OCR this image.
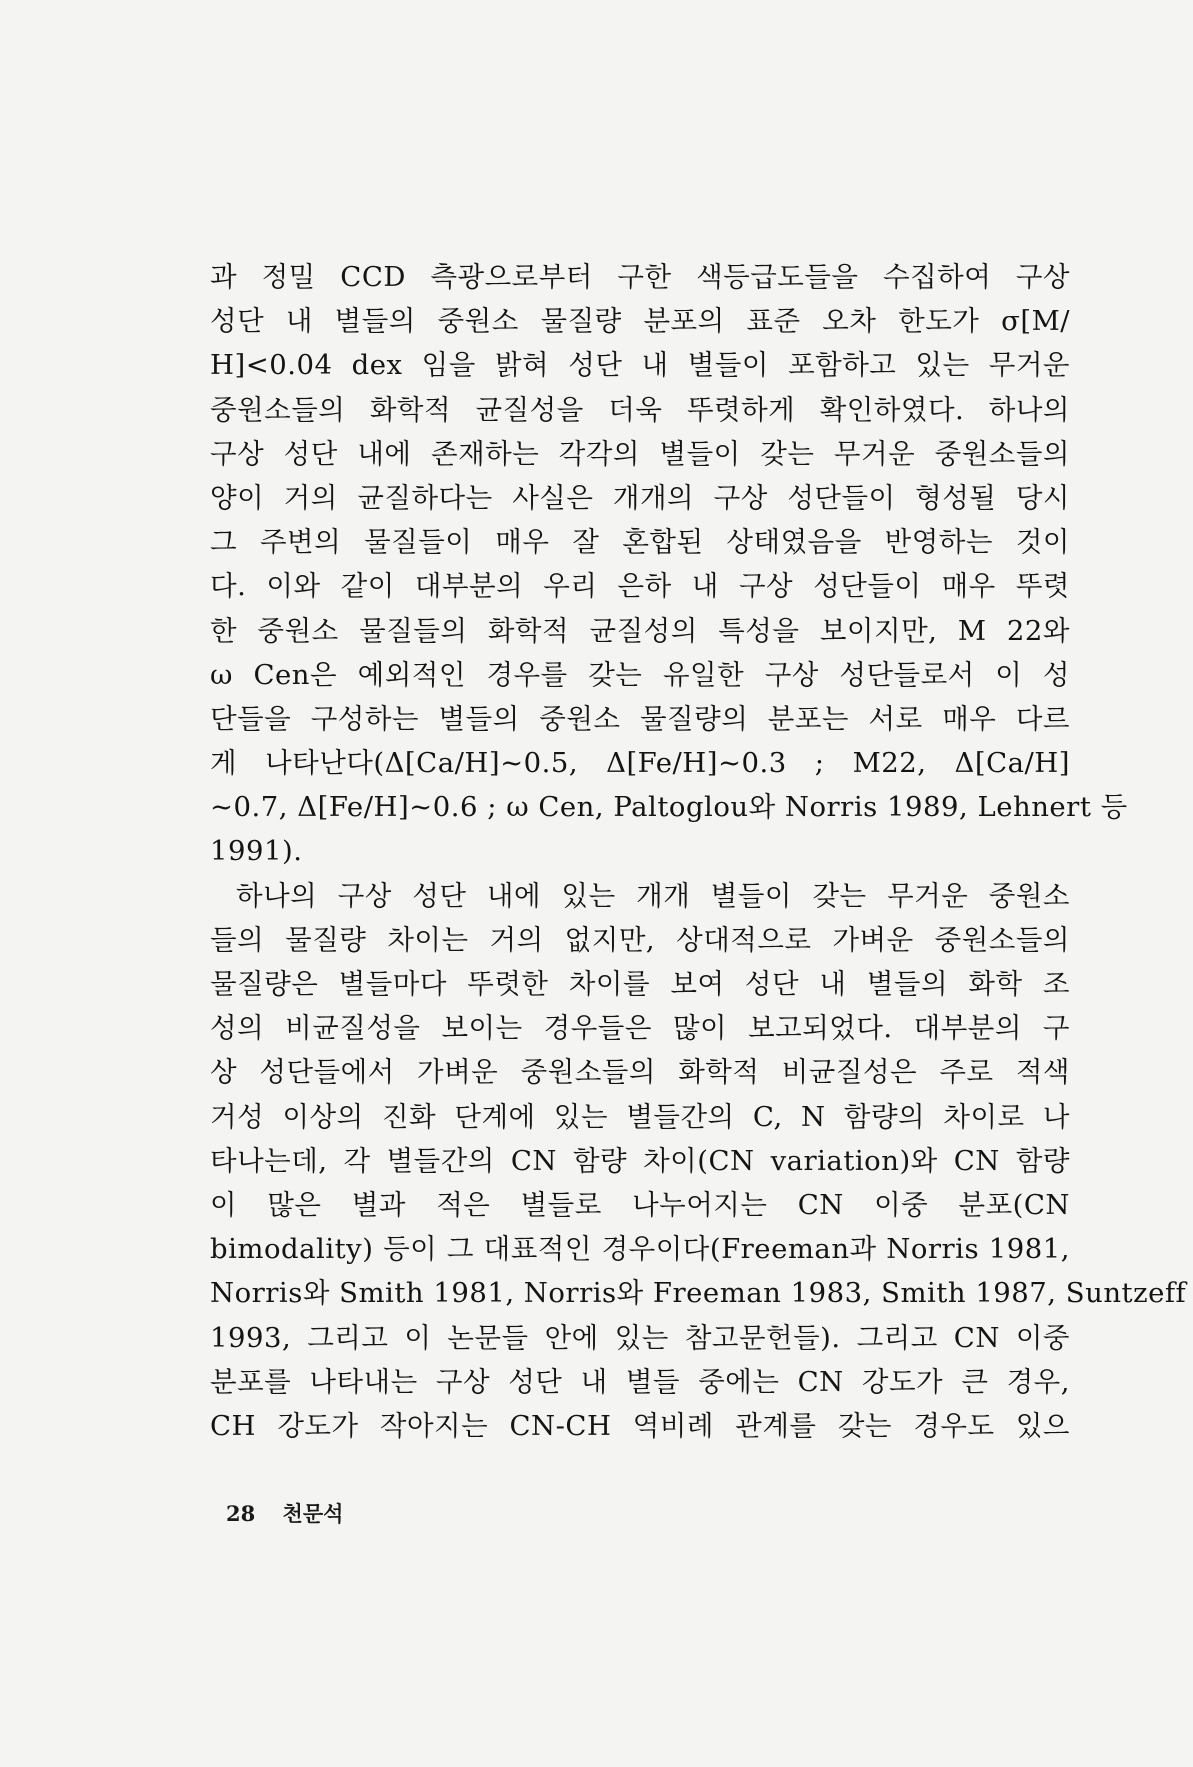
과 정밀 CCD 측광으로부터 구한 색등급도들을 수집하여 구상
성단 내 별들의 중원소 물질량 분포의 표준 오차 한도가 σ[M/
H]<0.04 dex 임을 밝혀 성단 내 별들이 포함하고 있는 무거운
중원소들의 화학적 균질성을 더욱 뚜렷하게 확인하였다. 하나의
구상 성단 내에 존재하는 각각의 별들이 갖는 무거운 중원소들의
양이 거의 균질하다는 사실은 개개의 구상 성단들이 형성될 당시
그 주변의 물질들이 매우 잘 혼합된 상태였음을 반영하는 것이
다. 이와 같이 대부분의 우리 은하 내 구상 성단들이 매우 뚜렷
한 중원소 물질들의 화학적 균질성의 특성을 보이지만, M 22와
ω Cen은 예외적인 경우를 갖는 유일한 구상 성단들로서 이 성
단들을 구성하는 별들의 중원소 물질량의 분포는 서로 매우 다르
게 나타난다(Δ[Ca/H]~0.5, Δ[Fe/H]~0.3 ; M22, Δ[Ca/H]
~0.7, Δ[Fe/H]~0.6 ; ω Cen, Paltoglou와 Norris 1989, Lehnert 등
1991).
하나의 구상 성단 내에 있는 개개 별들이 갖는 무거운 중원소
들의 물질량 차이는 거의 없지만, 상대적으로 가벼운 중원소들의
물질량은 별들마다 뚜렷한 차이를 보여 성단 내 별들의 화학 조
성의 비균질성을 보이는 경우들은 많이 보고되었다. 대부분의 구
상 성단들에서 가벼운 중원소들의 화학적 비균질성은 주로 적색
거성 이상의 진화 단계에 있는 별들간의 C, N 함량의 차이로 나
타나는데, 각 별들간의 CN 함량 차이(CN variation)와 CN 함량
이 많은 별과 적은 별들로 나누어지는 CN 이중 분포(CN
bimodality) 등이 그 대표적인 경우이다(Freeman과 Norris 1981,
Norris와 Smith 1981, Norris와 Freeman 1983, Smith 1987, Suntzeff
1993, 그리고 이 논문들 안에 있는 참고문헌들). 그리고 CN 이중
분포를 나타내는 구상 성단 내 별들 중에는 CN 강도가 큰 경우,
CH 강도가 작아지는 CN-CH 역비례 관계를 갖는 경우도 있으
28 천문석
